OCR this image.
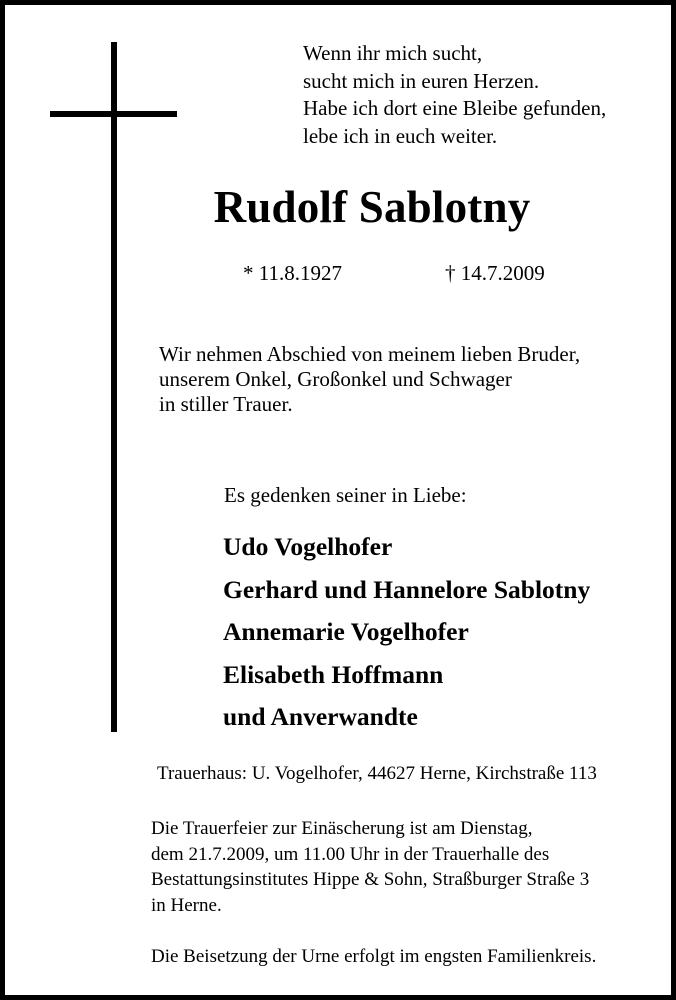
Wenn ihr mich sucht,
sucht mich in euren Herzen.
Habe ich dort eine Bleibe gefunden,
lebe ich in euch weiter.
Rudolf Sablotny
* 11.8.1927	† 14.7.2009
Wir nehmen Abschied von meinem lieben Bruder,
unserem Onkel, Großonkel und Schwager
in stiller Trauer.
Es gedenken seiner in Liebe:
Udo Vogelhofer
Gerhard und Hannelore Sablotny
Annemarie Vogelhofer
Elisabeth Hoffmann
und Anverwandte
Trauerhaus: U. Vogelhofer, 44627 Herne, Kirchstraße 113
Die Trauerfeier zur Einäscherung ist am Dienstag,
dem 21.7.2009, um 11.00 Uhr in der Trauerhalle des
Bestattungsinstitutes Hippe & Sohn, Straßburger Straße 3
in Herne.
Die Beisetzung der Urne erfolgt im engsten Familienkreis.
